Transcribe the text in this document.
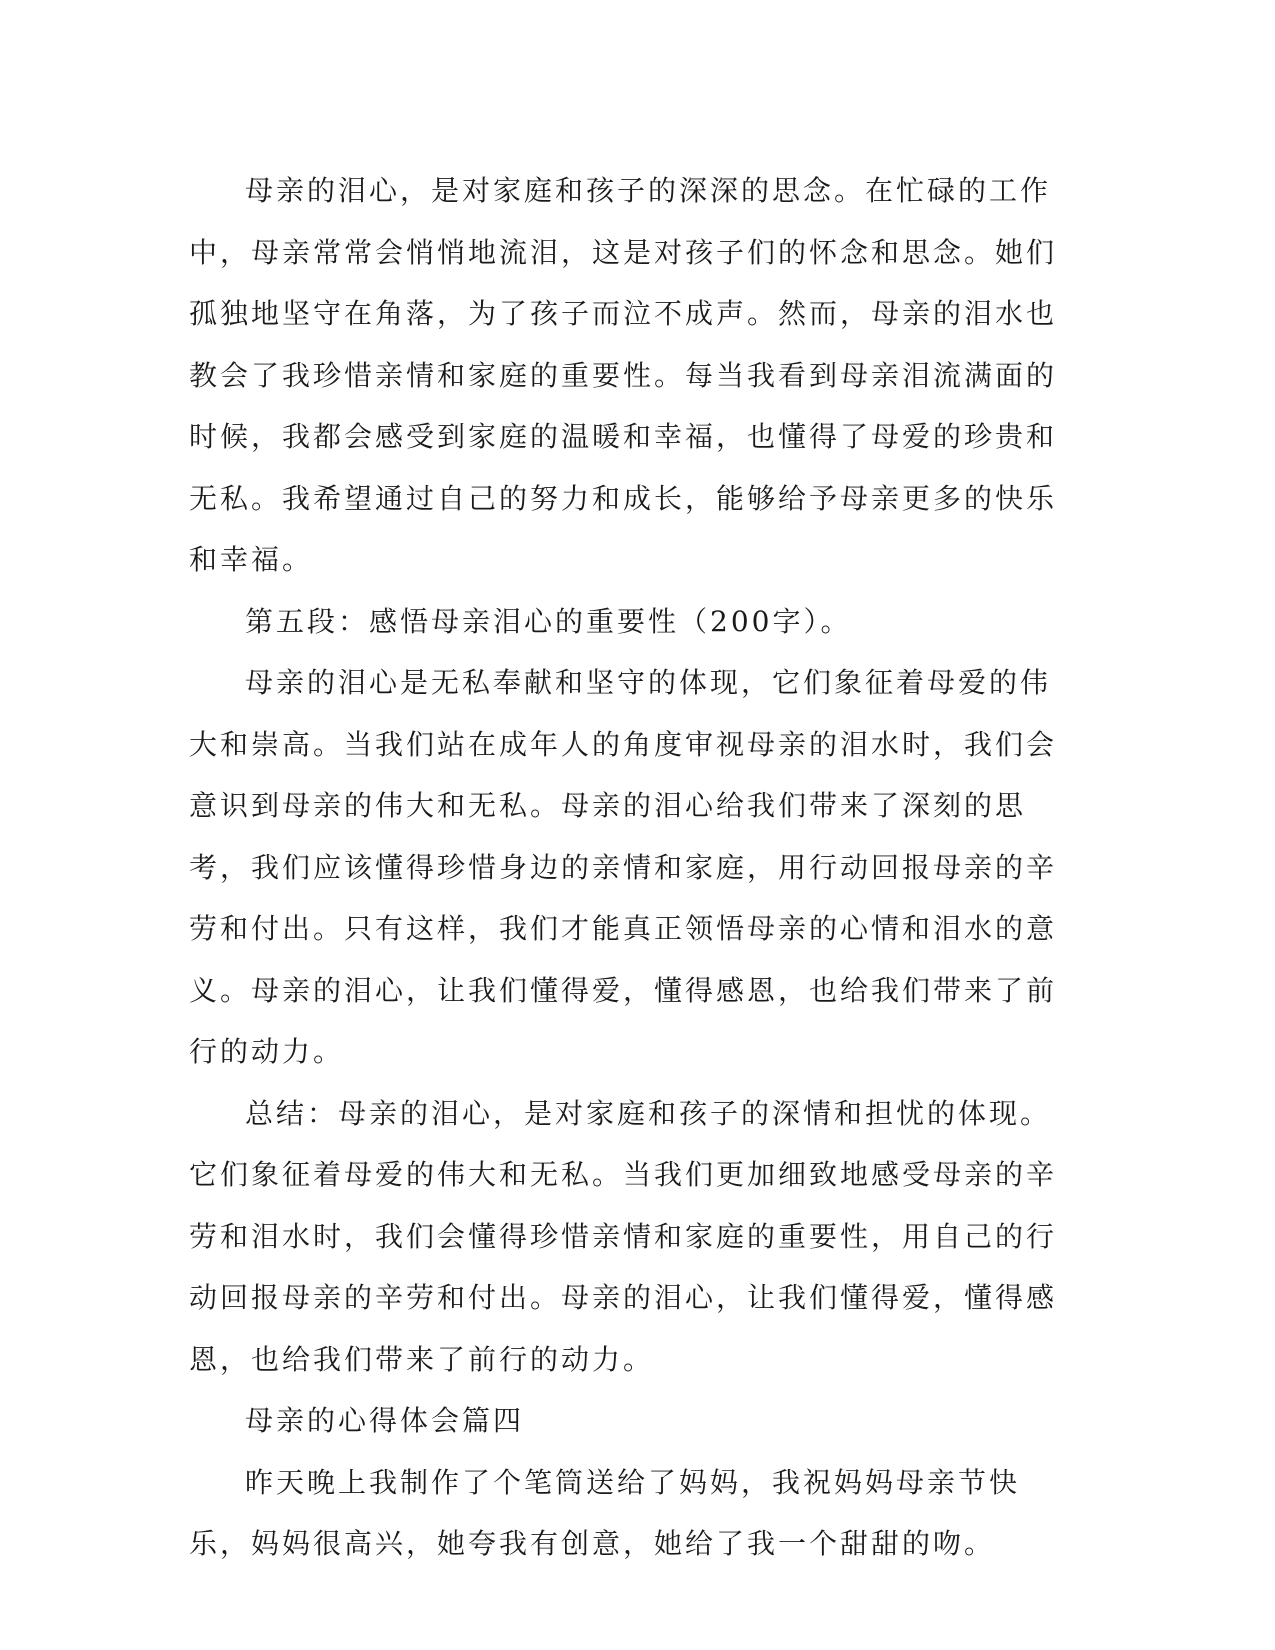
母亲的泪心，是对家庭和孩子的深深的思念。在忙碌的工作中，母亲常常会悄悄地流泪，这是对孩子们的怀念和思念。她们孤独地坚守在角落，为了孩子而泣不成声。然而，母亲的泪水也教会了我珍惜亲情和家庭的重要性。每当我看到母亲泪流满面的时候，我都会感受到家庭的温暖和幸福，也懂得了母爱的珍贵和无私。我希望通过自己的努力和成长，能够给予母亲更多的快乐和幸福。

第五段：感悟母亲泪心的重要性（200字）。

母亲的泪心是无私奉献和坚守的体现，它们象征着母爱的伟大和崇高。当我们站在成年人的角度审视母亲的泪水时，我们会意识到母亲的伟大和无私。母亲的泪心给我们带来了深刻的思考，我们应该懂得珍惜身边的亲情和家庭，用行动回报母亲的辛劳和付出。只有这样，我们才能真正领悟母亲的心情和泪水的意义。母亲的泪心，让我们懂得爱，懂得感恩，也给我们带来了前行的动力。

总结：母亲的泪心，是对家庭和孩子的深情和担忧的体现。它们象征着母爱的伟大和无私。当我们更加细致地感受母亲的辛劳和泪水时，我们会懂得珍惜亲情和家庭的重要性，用自己的行动回报母亲的辛劳和付出。母亲的泪心，让我们懂得爱，懂得感恩，也给我们带来了前行的动力。

母亲的心得体会篇四

昨天晚上我制作了个笔筒送给了妈妈，我祝妈妈母亲节快乐，妈妈很高兴，她夸我有创意，她给了我一个甜甜的吻。
